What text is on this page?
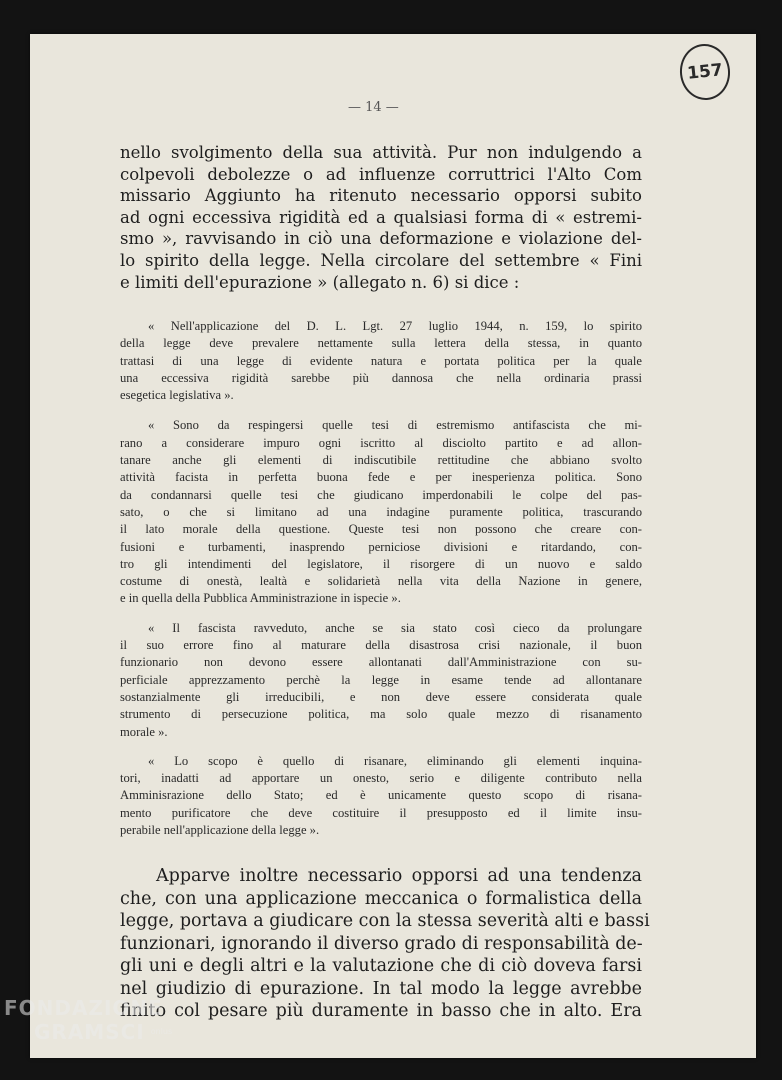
157
— 14 —
nello svolgimento della sua attività. Pur non indulgendo a
colpevoli debolezze o ad influenze corruttrici l'Alto Com
missario Aggiunto ha ritenuto necessario opporsi subito
ad ogni eccessiva rigidità ed a qualsiasi forma di « estremi-
smo », ravvisando in ciò una deformazione e violazione del-
lo spirito della legge. Nella circolare del settembre « Fini
e limiti dell'epurazione » (allegato n. 6) si dice :
« Nell'applicazione del D. L. Lgt. 27 luglio 1944, n. 159, lo spirito
della legge deve prevalere nettamente sulla lettera della stessa, in quanto
trattasi di una legge di evidente natura e portata politica per la quale
una eccessiva rigidità sarebbe più dannosa che nella ordinaria prassi
esegetica legislativa ».
« Sono da respingersi quelle tesi di estremismo antifascista che mi-
rano a considerare impuro ogni iscritto al disciolto partito e ad allon-
tanare anche gli elementi di indiscutibile rettitudine che abbiano svolto
attività facista in perfetta buona fede e per inesperienza politica. Sono
da condannarsi quelle tesi che giudicano imperdonabili le colpe del pas-
sato, o che si limitano ad una indagine puramente politica, trascurando
il lato morale della questione. Queste tesi non possono che creare con-
fusioni e turbamenti, inasprendo perniciose divisioni e ritardando, con-
tro gli intendimenti del legislatore, il risorgere di un nuovo e saldo
costume di onestà, lealtà e solidarietà nella vita della Nazione in genere,
e in quella della Pubblica Amministrazione in ispecie ».
« Il fascista ravveduto, anche se sia stato così cieco da prolungare
il suo errore fino al maturare della disastrosa crisi nazionale, il buon
funzionario non devono essere allontanati dall'Amministrazione con su-
perficiale apprezzamento perchè la legge in esame tende ad allontanare
sostanzialmente gli irreducibili, e non deve essere considerata quale
strumento di persecuzione politica, ma solo quale mezzo di risanamento
morale ».
« Lo scopo è quello di risanare, eliminando gli elementi inquina-
tori, inadatti ad apportare un onesto, serio e diligente contributo nella
Amminisrazione dello Stato; ed è unicamente questo scopo di risana-
mento purificatore che deve costituire il presupposto ed il limite insu-
perabile nell'applicazione della legge ».
Apparve inoltre necessario opporsi ad una tendenza
che, con una applicazione meccanica o formalistica della
legge, portava a giudicare con la stessa severità alti e bassi
funzionari, ignorando il diverso grado di responsabilità de-
gli uni e degli altri e la valutazione che di ciò doveva farsi
nel giudizio di epurazione. In tal modo la legge avrebbe
finito col pesare più duramente in basso che in alto. Era
FONDAZIONE
GRAMSCI onlus
